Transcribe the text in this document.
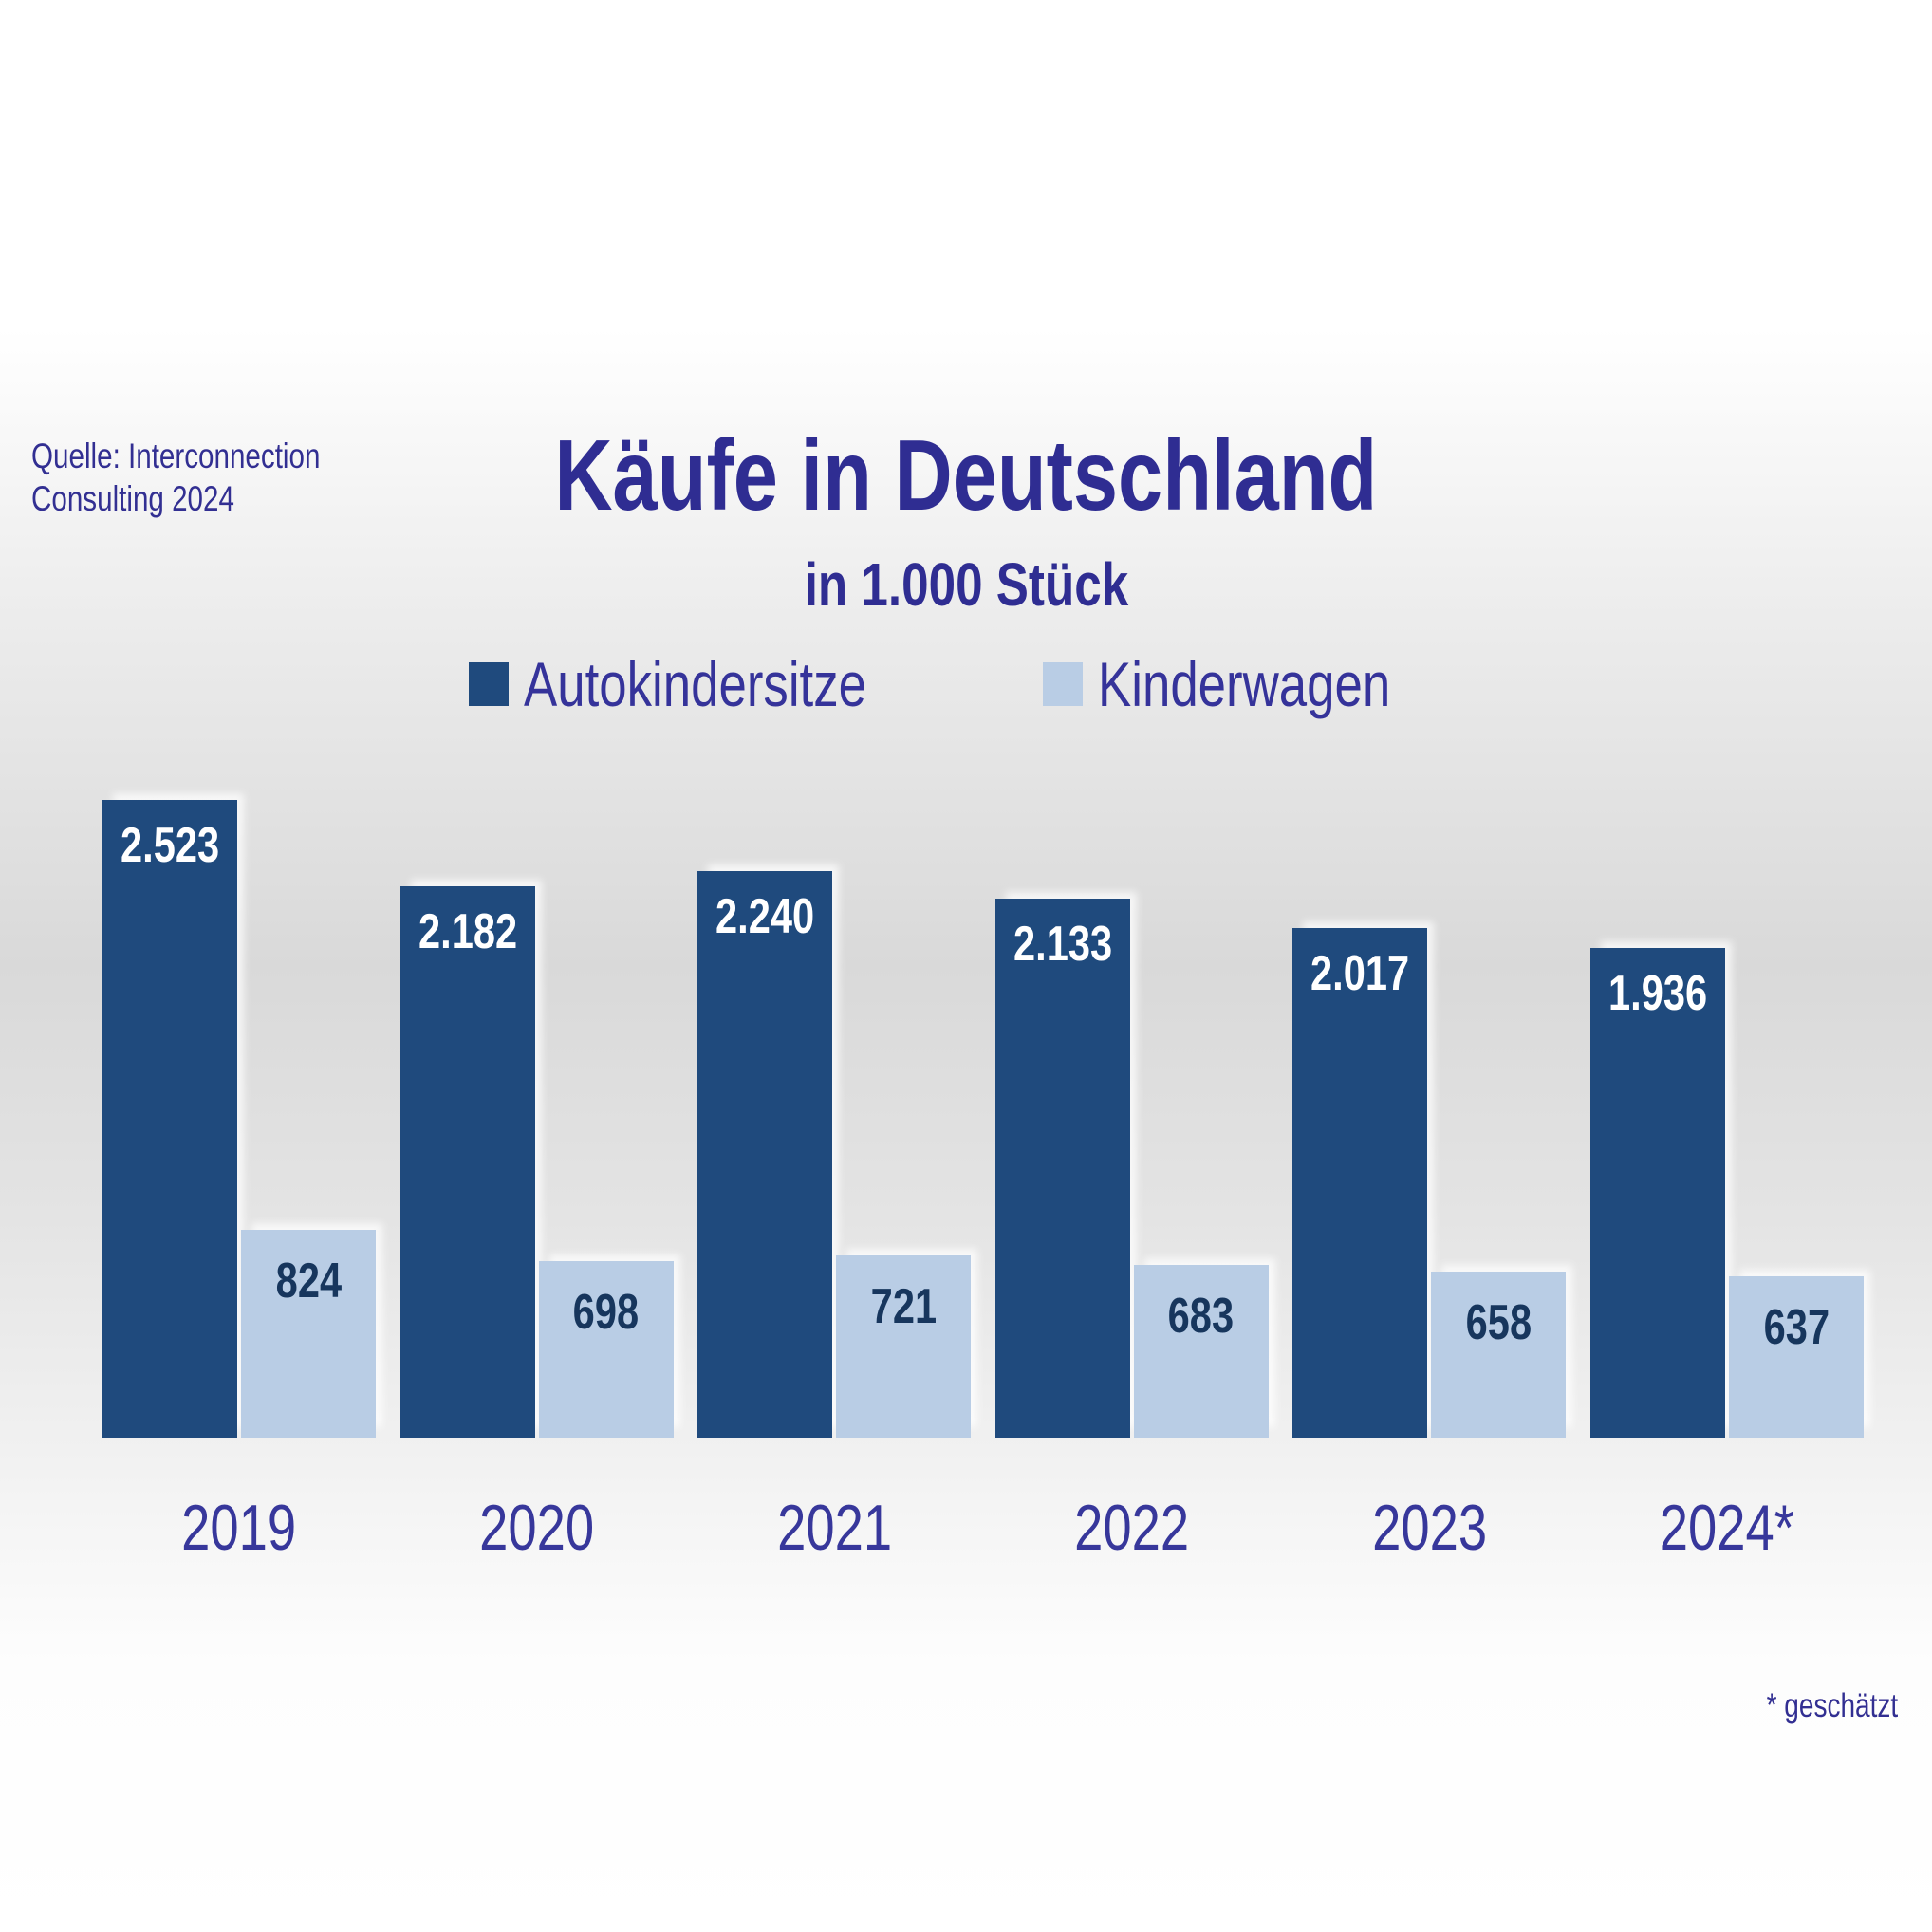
Quelle: Interconnection
Consulting 2024	Käufe in Deutschland
in 1.000 Stück
Autokindersitze	Kinderwagen
2.523
824
2.182
698
2.240
721
2.133
683
2.017
658
1.936
637
2019	2020	2021	2022	2023	2024*
* geschätzt
